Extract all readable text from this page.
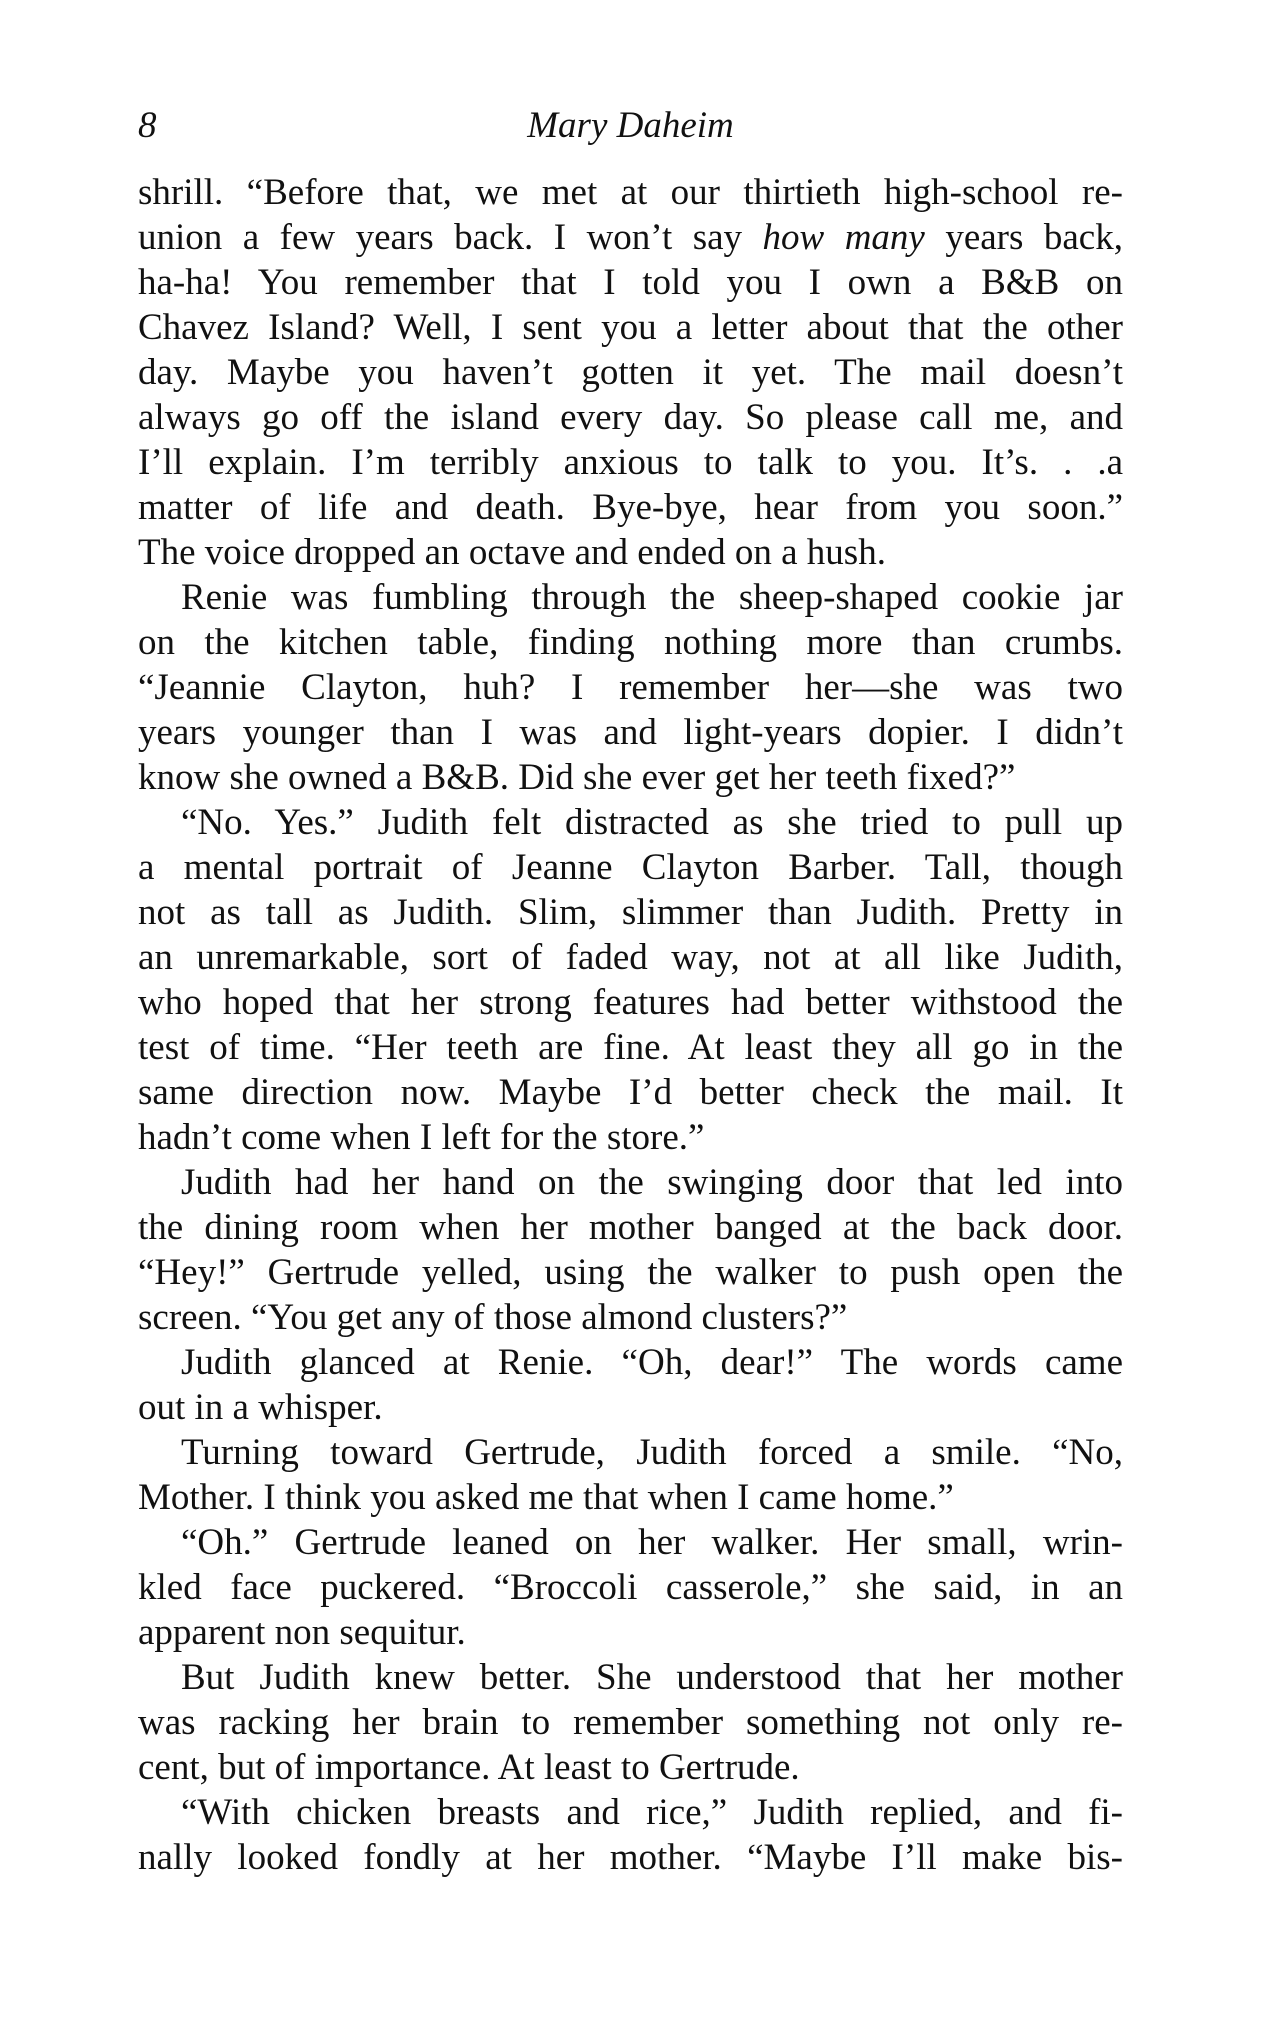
8	Mary Daheim
shrill. “Before that, we met at our thirtieth high-school re-
union a few years back. I won’t say how many years back,
ha-ha! You remember that I told you I own a B&B on
Chavez Island? Well, I sent you a letter about that the other
day. Maybe you haven’t gotten it yet. The mail doesn’t
always go off the island every day. So please call me, and
I’ll explain. I’m terribly anxious to talk to you. It’s. . .a
matter of life and death. Bye-bye, hear from you soon.”
The voice dropped an octave and ended on a hush.
Renie was fumbling through the sheep-shaped cookie jar
on the kitchen table, finding nothing more than crumbs.
“Jeannie Clayton, huh? I remember her—she was two
years younger than I was and light-years dopier. I didn’t
know she owned a B&B. Did she ever get her teeth fixed?”
“No. Yes.” Judith felt distracted as she tried to pull up
a mental portrait of Jeanne Clayton Barber. Tall, though
not as tall as Judith. Slim, slimmer than Judith. Pretty in
an unremarkable, sort of faded way, not at all like Judith,
who hoped that her strong features had better withstood the
test of time. “Her teeth are fine. At least they all go in the
same direction now. Maybe I’d better check the mail. It
hadn’t come when I left for the store.”
Judith had her hand on the swinging door that led into
the dining room when her mother banged at the back door.
“Hey!” Gertrude yelled, using the walker to push open the
screen. “You get any of those almond clusters?”
Judith glanced at Renie. “Oh, dear!” The words came
out in a whisper.
Turning toward Gertrude, Judith forced a smile. “No,
Mother. I think you asked me that when I came home.”
“Oh.” Gertrude leaned on her walker. Her small, wrin-
kled face puckered. “Broccoli casserole,” she said, in an
apparent non sequitur.
But Judith knew better. She understood that her mother
was racking her brain to remember something not only re-
cent, but of importance. At least to Gertrude.
“With chicken breasts and rice,” Judith replied, and fi-
nally looked fondly at her mother. “Maybe I’ll make bis-
